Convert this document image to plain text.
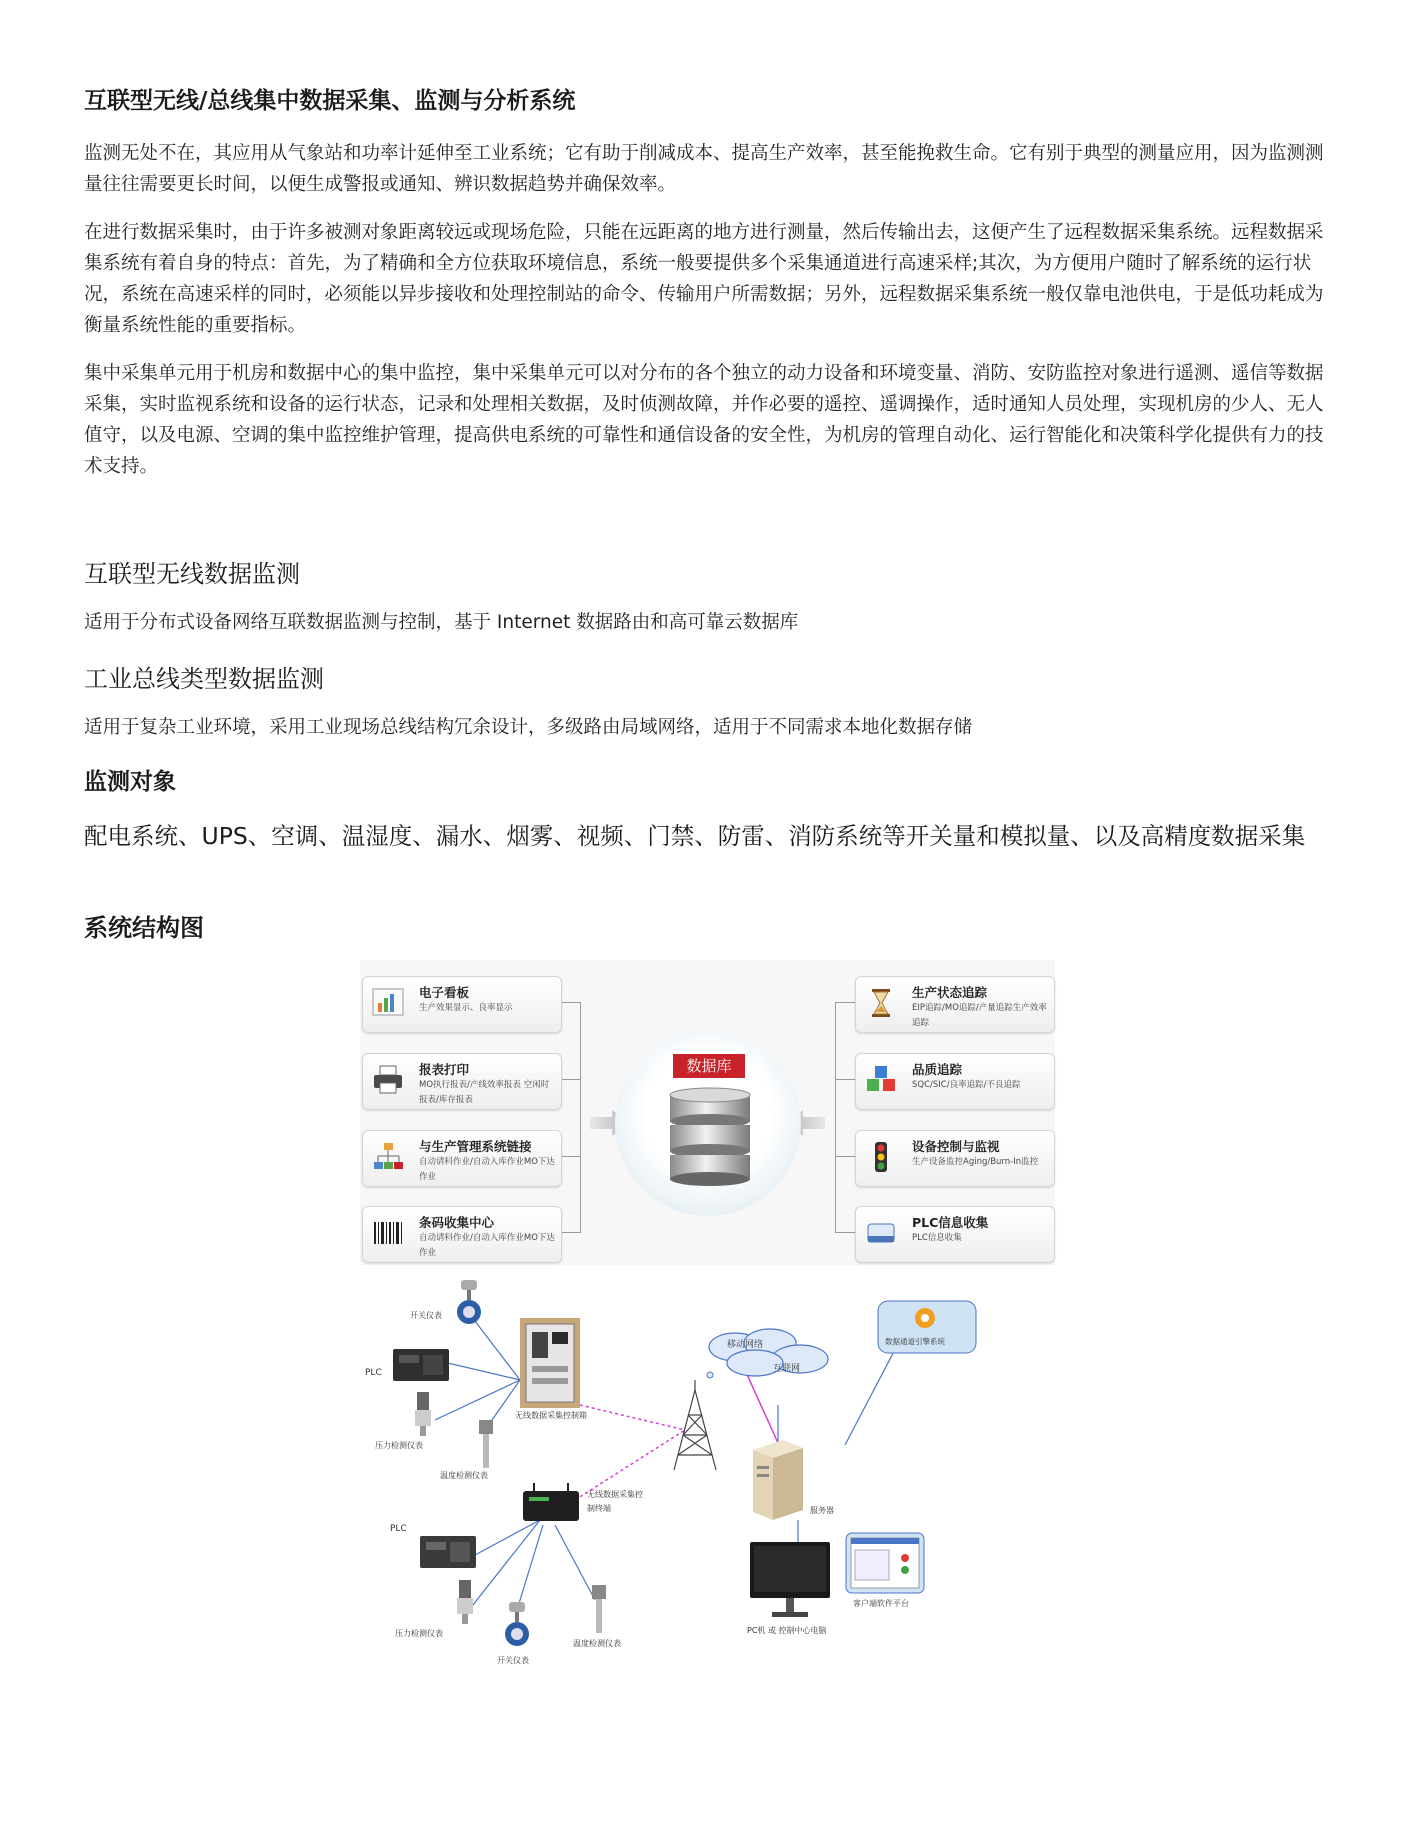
互联型无线/总线集中数据采集、监测与分析系统

监测无处不在，其应用从气象站和功率计延伸至工业系统；它有助于削减成本、提高生产效率，甚至能挽救生命。它有别于典型的测量应用，因为监测测量往往需要更长时间，以便生成警报或通知、辨识数据趋势并确保效率。

在进行数据采集时，由于许多被测对象距离较远或现场危险，只能在远距离的地方进行测量，然后传输出去，这便产生了远程数据采集系统。远程数据采集系统有着自身的特点：首先，为了精确和全方位获取环境信息，系统一般要提供多个采集通道进行高速采样;其次，为方便用户随时了解系统的运行状况，系统在高速采样的同时，必须能以异步接收和处理控制站的命令、传输用户所需数据；另外，远程数据采集系统一般仅靠电池供电，于是低功耗成为衡量系统性能的重要指标。

集中采集单元用于机房和数据中心的集中监控，集中采集单元可以对分布的各个独立的动力设备和环境变量、消防、安防监控对象进行遥测、遥信等数据采集，实时监视系统和设备的运行状态，记录和处理相关数据，及时侦测故障，并作必要的遥控、遥调操作，适时通知人员处理，实现机房的少人、无人值守，以及电源、空调的集中监控维护管理，提高供电系统的可靠性和通信设备的安全性，为机房的管理自动化、运行智能化和决策科学化提供有力的技术支持。

互联型无线数据监测

适用于分布式设备网络互联数据监测与控制，基于 Internet 数据路由和高可靠云数据库

工业总线类型数据监测

适用于复杂工业环境，采用工业现场总线结构冗余设计，多级路由局域网络，适用于不同需求本地化数据存储

监测对象

配电系统、UPS、空调、温湿度、漏水、烟雾、视频、门禁、防雷、消防系统等开关量和模拟量、以及高精度数据采集

系统结构图
数据库
电子看板
生产效果显示、良率显示
报表打印
MO执行报表/产线效率报表 空闲时报表/库存报表
与生产管理系统链接
自动请料作业/自动入库作业MO下达作业
条码收集中心
自动请料作业/自动入库作业MO下达作业
生产状态追踪
EIP追踪/MO追踪/产量追踪生产效率追踪
品质追踪
SQC/SIC/良率追踪/不良追踪
设备控制与监视
生产设备监控Aging/Burn-In监控
PLC信息收集
PLC信息收集
开关仪表
PLC
压力检测仪表
温度检测仪表
无线数据采集控制箱
无线数据采集控制终端
PLC
压力检测仪表
开关仪表
温度检测仪表
移动网络
互联网
数据通道引擎系统
服务器
客户端软件平台
PC机 或 控制中心电脑
